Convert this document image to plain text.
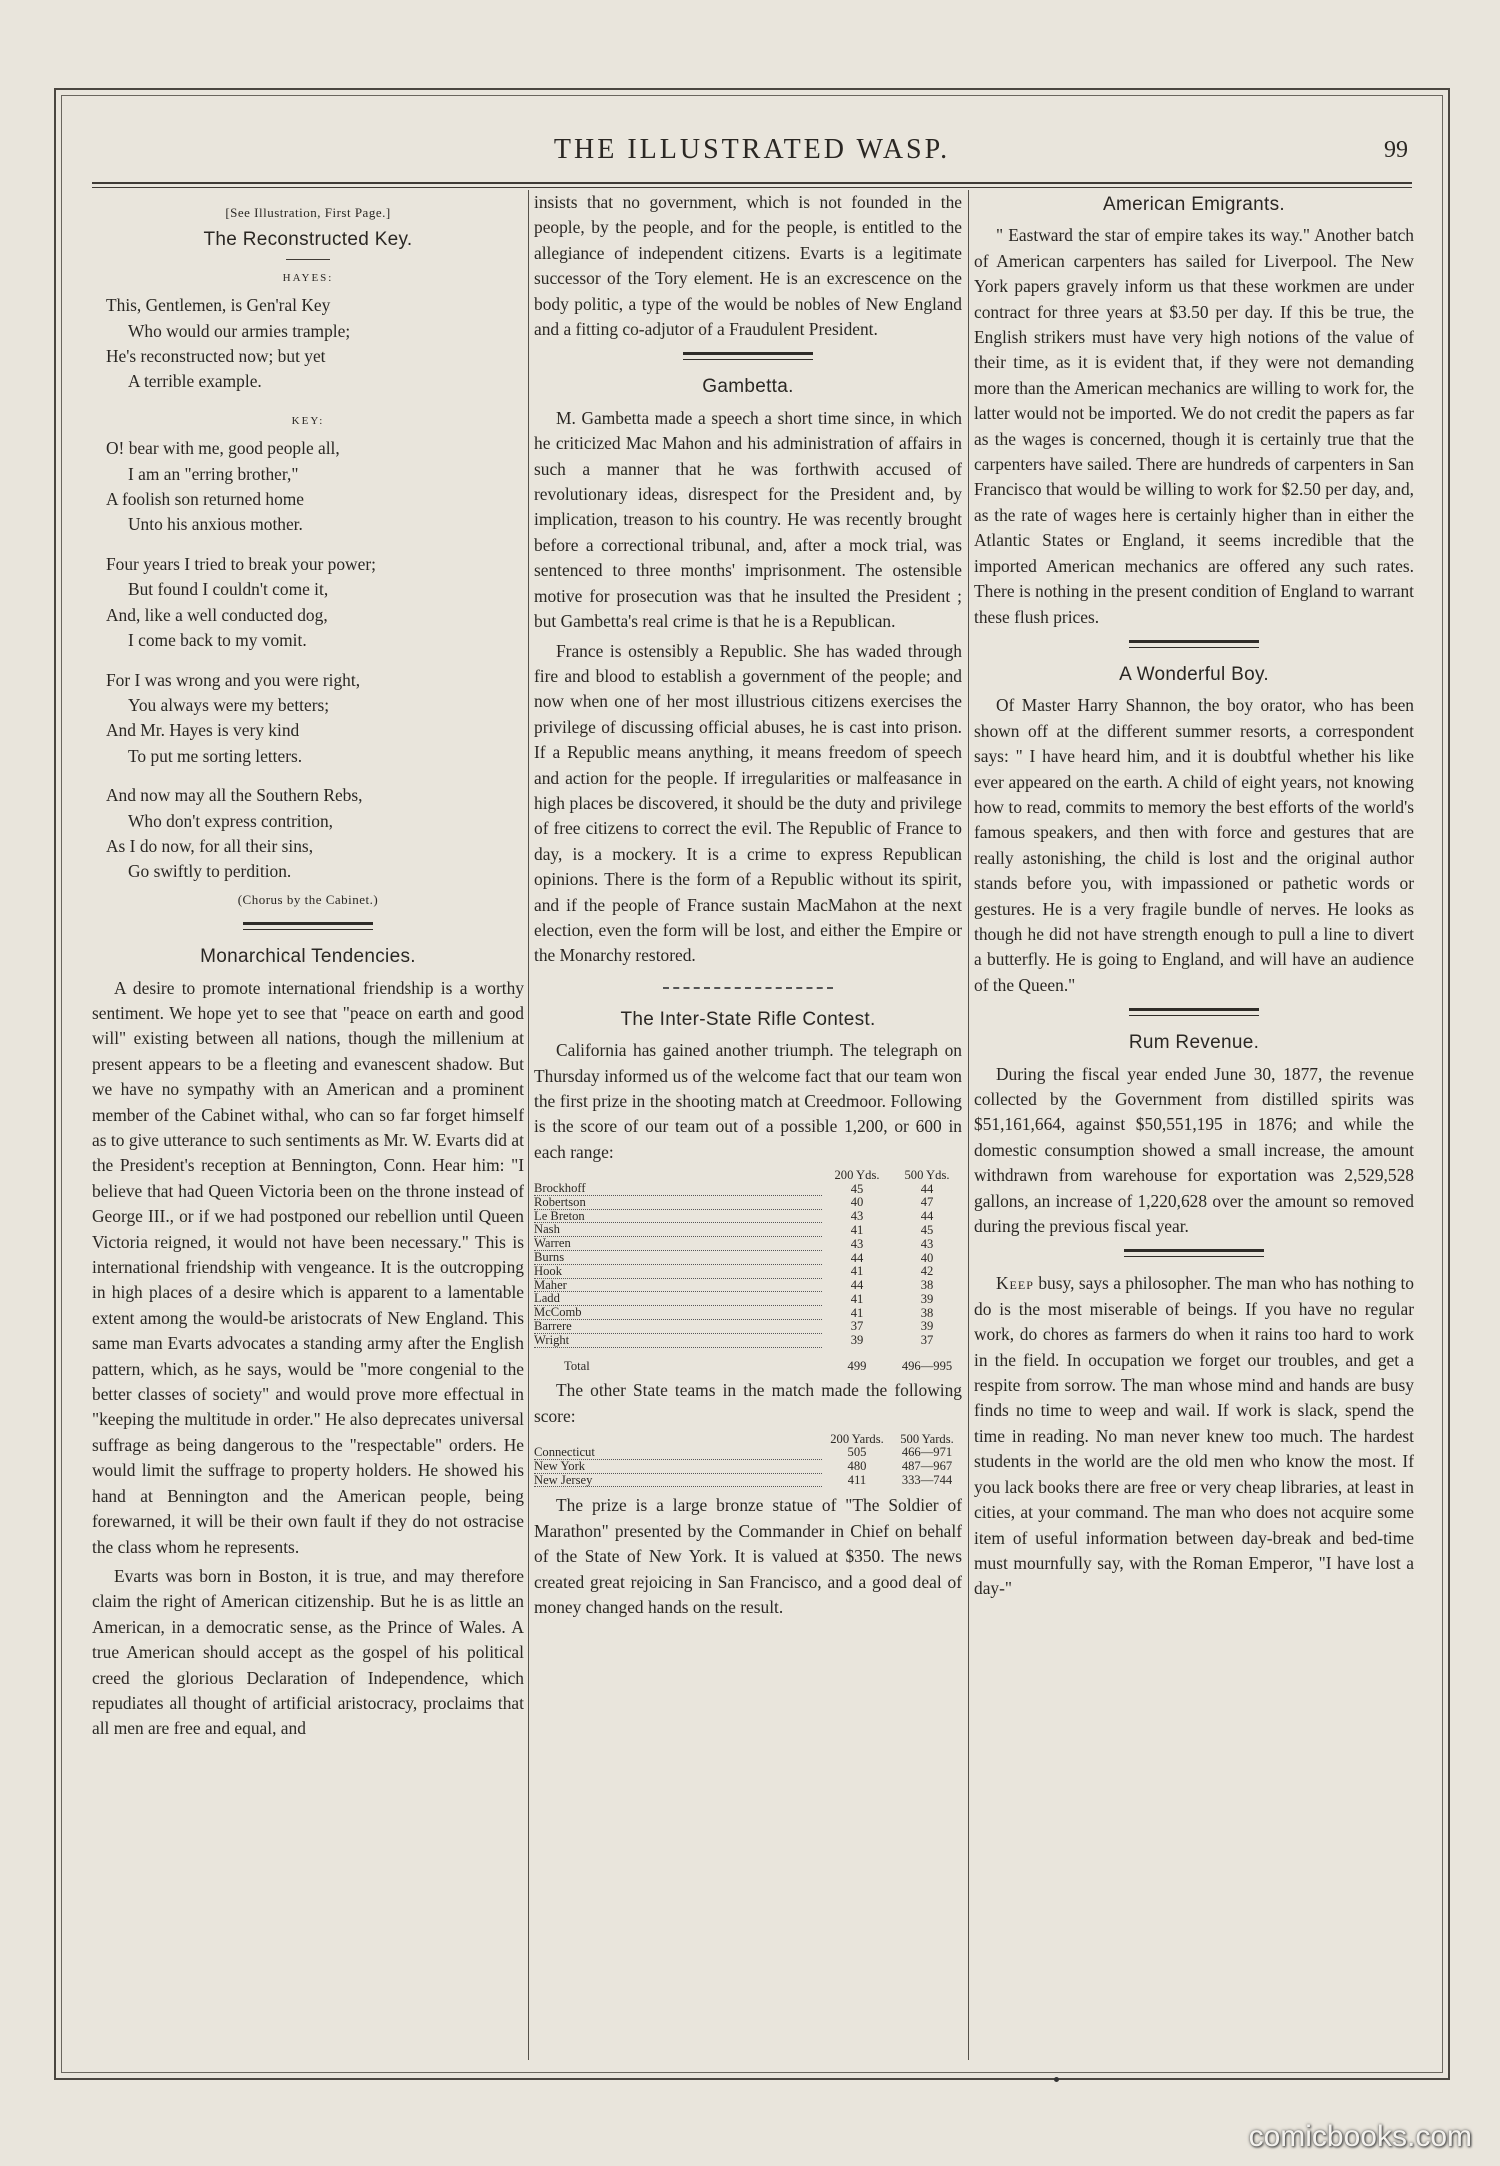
THE ILLUSTRATED WASP.	99
[See Illustration, First Page.]
The Reconstructed Key.
HAYES:
This, Gentlemen, is Gen'ral Key
Who would our armies trample;
He's reconstructed now; but yet
A terrible example.
KEY:
O! bear with me, good people all,
I am an "erring brother,"
A foolish son returned home
Unto his anxious mother.
Four years I tried to break your power;
But found I couldn't come it,
And, like a well conducted dog,
I come back to my vomit.
For I was wrong and you were right,
You always were my betters;
And Mr. Hayes is very kind
To put me sorting letters.
And now may all the Southern Rebs,
Who don't express contrition,
As I do now, for all their sins,
Go swiftly to perdition.
(Chorus by the Cabinet.)
Monarchical Tendencies.

A desire to promote international friendship is a worthy sentiment. We hope yet to see that "peace on earth and good will" existing between all nations, though the millenium at present appears to be a fleeting and evanescent shadow. But we have no sympathy with an American and a prominent member of the Cabinet withal, who can so far forget himself as to give utterance to such sentiments as Mr. W. Evarts did at the President's reception at Bennington, Conn. Hear him: "I believe that had Queen Victoria been on the throne instead of George III., or if we had postponed our rebellion until Queen Victoria reigned, it would not have been necessary." This is international friendship with vengeance. It is the outcropping in high places of a desire which is apparent to a lamentable extent among the would-be aristocrats of New England. This same man Evarts advocates a standing army after the English pattern, which, as he says, would be "more congenial to the better classes of society" and would prove more effectual in "keeping the multitude in order." He also deprecates universal suffrage as being dangerous to the "respectable" orders. He would limit the suffrage to property holders. He showed his hand at Bennington and the American people, being forewarned, it will be their own fault if they do not ostracise the class whom he represents.

Evarts was born in Boston, it is true, and may therefore claim the right of American citizenship. But he is as little an American, in a democratic sense, as the Prince of Wales. A true American should accept as the gospel of his political creed the glorious Declaration of Independence, which repudiates all thought of artificial aristocracy, proclaims that all men are free and equal, and

insists that no government, which is not founded in the people, by the people, and for the people, is entitled to the allegiance of independent citizens. Evarts is a legitimate successor of the Tory element. He is an excrescence on the body politic, a type of the would be nobles of New England and a fitting co-adjutor of a Fraudulent President.

Gambetta.

M. Gambetta made a speech a short time since, in which he criticized Mac Mahon and his administration of affairs in such a manner that he was forthwith accused of revolutionary ideas, disrespect for the President and, by implication, treason to his country. He was recently brought before a correctional tribunal, and, after a mock trial, was sentenced to three months' imprisonment. The ostensible motive for prosecution was that he insulted the President ; but Gambetta's real crime is that he is a Republican.

France is ostensibly a Republic. She has waded through fire and blood to establish a government of the people; and now when one of her most illustrious citizens exercises the privilege of discussing official abuses, he is cast into prison. If a Republic means anything, it means freedom of speech and action for the people. If irregularities or malfeasance in high places be discovered, it should be the duty and privilege of free citizens to correct the evil. The Republic of France to day, is a mockery. It is a crime to express Republican opinions. There is the form of a Republic without its spirit, and if the people of France sustain MacMahon at the next election, even the form will be lost, and either the Empire or the Monarchy restored.

The Inter-State Rifle Contest.

California has gained another triumph. The telegraph on Thursday informed us of the welcome fact that our team won the first prize in the shooting match at Creedmoor. Following is the score of our team out of a possible 1,200, or 600 in each range:

	200 Yds.	500 Yds.

Brockhoff	45	44

Robertson	40	47

Le Breton	43	44

Nash	41	45

Warren	43	43

Burns	44	40

Hook	41	42

Maher	44	38

Ladd	41	39

McComb	41	38

Barrere	37	39

Wright	39	37
Total	499	496—995

The other State teams in the match made the following score:

	200 Yards.	500 Yards.

Connecticut	505	466—971

New York	480	487—967

New Jersey	411	333—744

The prize is a large bronze statue of "The Soldier of Marathon" presented by the Commander in Chief on behalf of the State of New York. It is valued at $350. The news created great rejoicing in San Francisco, and a good deal of money changed hands on the result.

American Emigrants.

" Eastward the star of empire takes its way." Another batch of American carpenters has sailed for Liverpool. The New York papers gravely inform us that these workmen are under contract for three years at $3.50 per day. If this be true, the English strikers must have very high notions of the value of their time, as it is evident that, if they were not demanding more than the American mechanics are willing to work for, the latter would not be imported. We do not credit the papers as far as the wages is concerned, though it is certainly true that the carpenters have sailed. There are hundreds of carpenters in San Francisco that would be willing to work for $2.50 per day, and, as the rate of wages here is certainly higher than in either the Atlantic States or England, it seems incredible that the imported American mechanics are offered any such rates. There is nothing in the present condition of England to warrant these flush prices.

A Wonderful Boy.

Of Master Harry Shannon, the boy orator, who has been shown off at the different summer resorts, a correspondent says: " I have heard him, and it is doubtful whether his like ever appeared on the earth. A child of eight years, not knowing how to read, commits to memory the best efforts of the world's famous speakers, and then with force and gestures that are really astonishing, the child is lost and the original author stands before you, with impassioned or pathetic words or gestures. He is a very fragile bundle of nerves. He looks as though he did not have strength enough to pull a line to divert a butterfly. He is going to England, and will have an audience of the Queen."

Rum Revenue.

During the fiscal year ended June 30, 1877, the revenue collected by the Government from distilled spirits was $51,161,664, against $50,551,195 in 1876; and while the domestic consumption showed a small increase, the amount withdrawn from warehouse for exportation was 2,529,528 gallons, an increase of 1,220,628 over the amount so removed during the previous fiscal year.

Keep busy, says a philosopher. The man who has nothing to do is the most miserable of beings. If you have no regular work, do chores as farmers do when it rains too hard to work in the field. In occupation we forget our troubles, and get a respite from sorrow. The man whose mind and hands are busy finds no time to weep and wail. If work is slack, spend the time in reading. No man never knew too much. The hardest students in the world are the old men who know the most. If you lack books there are free or very cheap libraries, at least in cities, at your command. The man who does not acquire some item of useful information between day-break and bed-time must mournfully say, with the Roman Emperor, "I have lost a day-"

comicbooks.com
